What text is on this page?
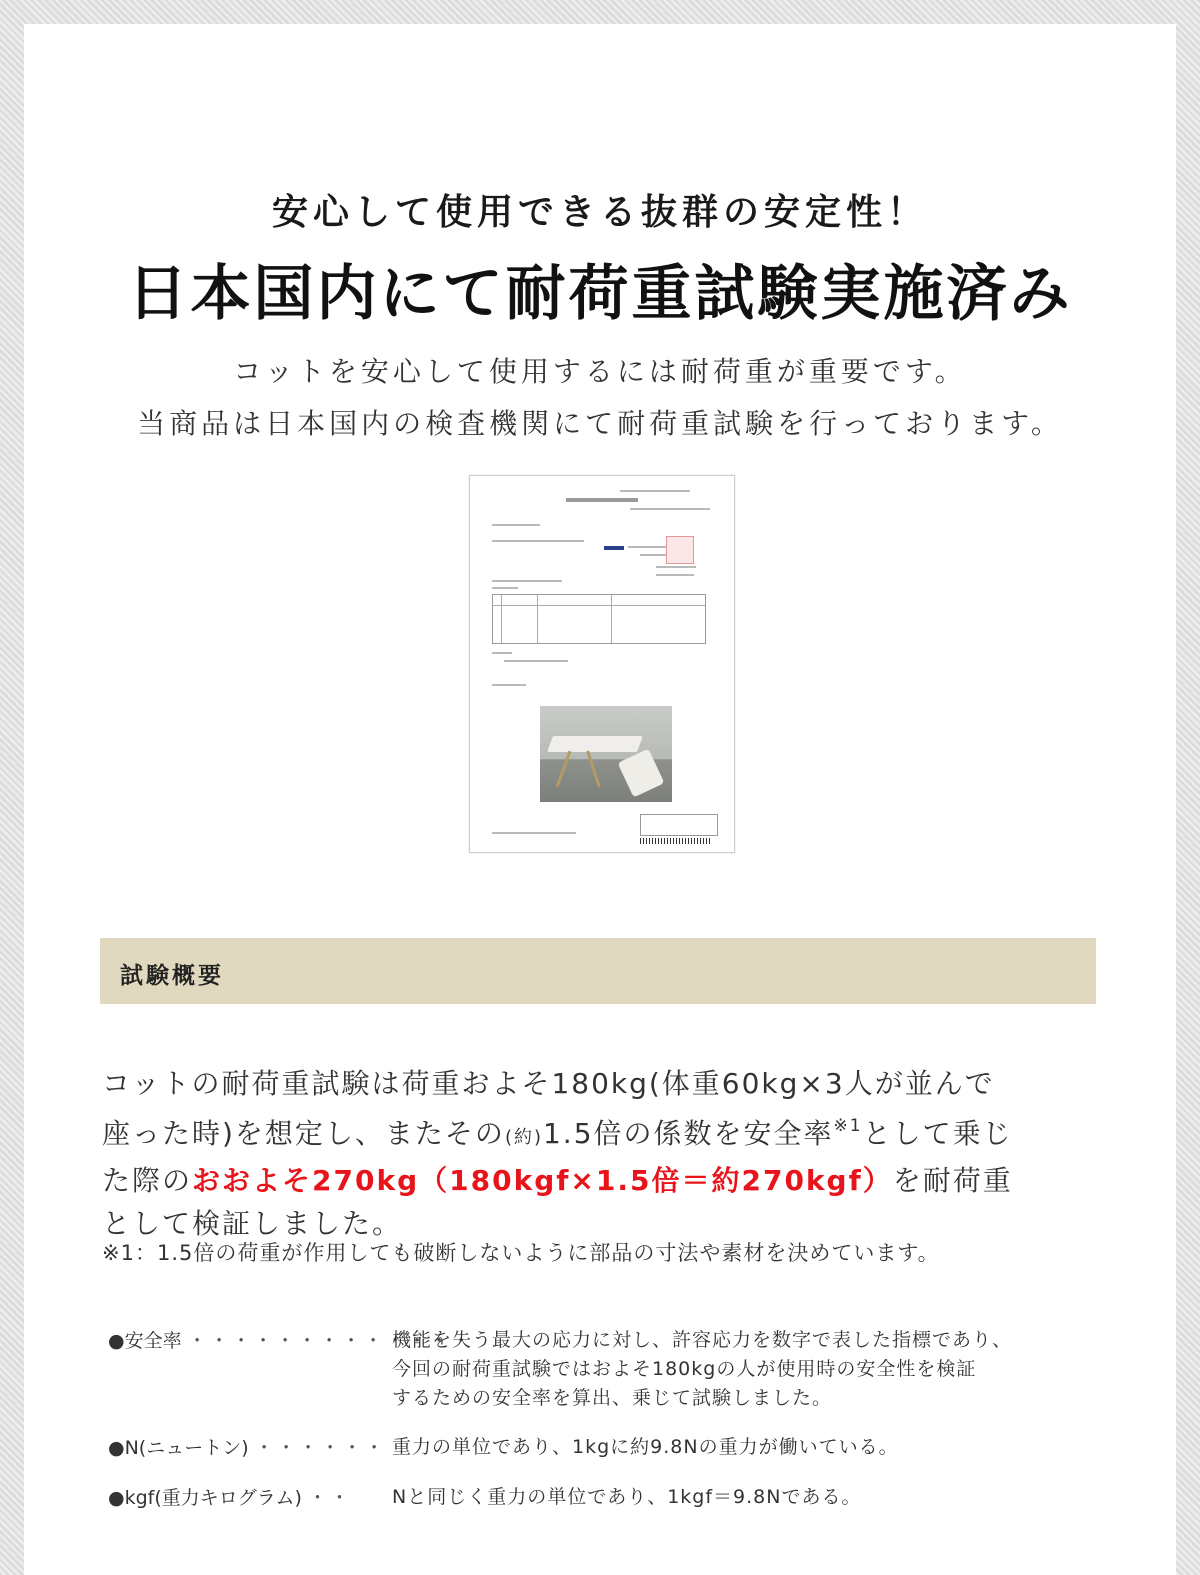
安心して使用できる抜群の安定性！
日本国内にて耐荷重試験実施済み
コットを安心して使用するには耐荷重が重要です。
当商品は日本国内の検査機関にて耐荷重試験を行っております。
試験概要
コットの耐荷重試験は荷重およそ180kg(体重60kg×3人が並んで
座った時)を想定し、またその(約)1.5倍の係数を安全率$^{※1}$として乗じ
た際のおおよそ270kg（180kgf×1.5倍＝約270kgf）を耐荷重
として検証しました。
※1：1.5倍の荷重が作用しても破断しないように部品の寸法や素材を決めています。
●安全率 ・・・・・・・・・・・・・
機能を失う最大の応力に対し、許容応力を数字で表した指標であり、
今回の耐荷重試験ではおよそ180kgの人が使用時の安全性を検証
するための安全率を算出、乗じて試験しました。
●N(ニュートン) ・・・・・・ 重力の単位であり、1kgに約9.8Nの重力が働いている。
●kgf(重力キログラム) ・・	Nと同じく重力の単位であり、1kgf＝9.8Nである。
